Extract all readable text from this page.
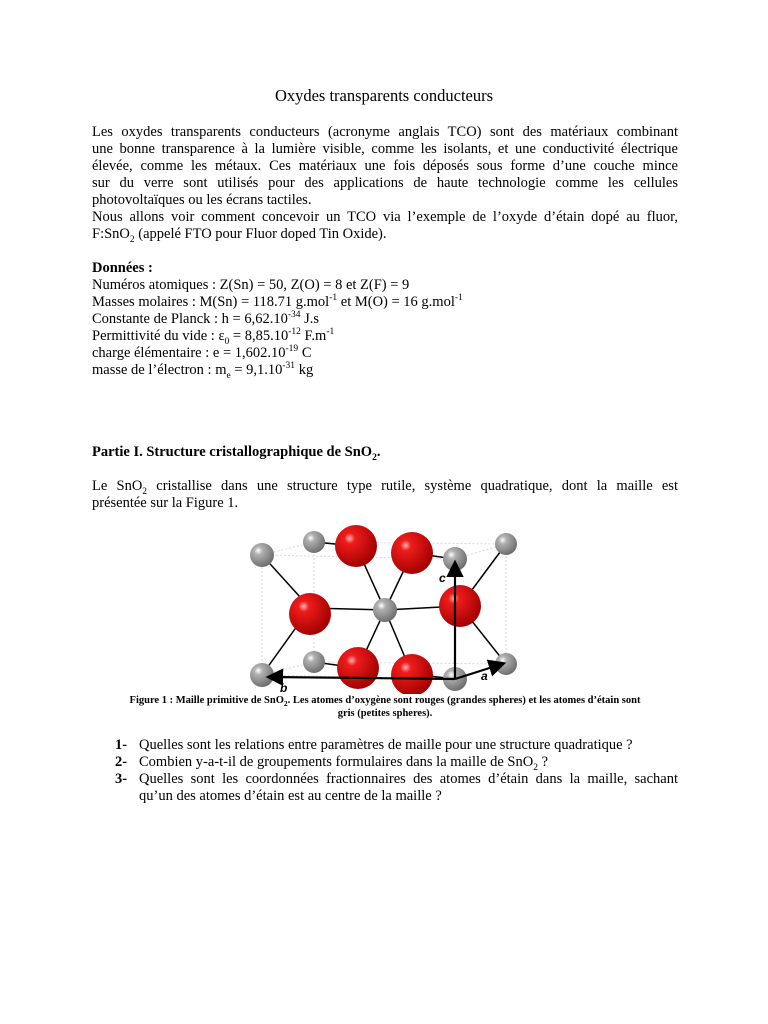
Oxydes transparents conducteurs
Les oxydes transparents conducteurs (acronyme anglais TCO) sont des matériaux combinant
une bonne transparence à la lumière visible, comme les isolants, et une conductivité électrique
élevée, comme les métaux. Ces matériaux une fois déposés sous forme d’une couche mince
sur du verre sont utilisés pour des applications de haute technologie comme les cellules
photovoltaïques ou les écrans tactiles.
Nous allons voir comment concevoir un TCO via l’exemple de l’oxyde d’étain dopé au fluor,
F:SnO$_2$ (appelé FTO pour Fluor doped Tin Oxide).
Données :
Numéros atomiques : Z(Sn) = 50, Z(O) = 8 et Z(F) = 9
Masses molaires : M(Sn) = 118.71 g.mol$^{-1}$ et M(O) = 16 g.mol$^{-1}$
Constante de Planck : $h = 6,62.10^{-34}$ J.s
Permittivité du vide : $\varepsilon_0 = 8,85.10^{-12}$ $F.m^{-1}$
charge élémentaire : $e = 1,602.10^{-19}$ C
masse de l’électron : $m_e = 9,1.10^{-31}$ kg
Partie I. Structure cristallographique de SnO$_2$.
Le SnO$_2$ cristallise dans une structure type rutile, système quadratique, dont la maille est
présentée sur la Figure 1.
c
b
a
Figure 1 : Maille primitive de SnO$_2$. Les atomes d’oxygène sont rouges (grandes spheres) et les atomes d’étain sont
gris (petites spheres).
1- Quelles sont les relations entre paramètres de maille pour une structure quadratique ?
2- Combien y-a-t-il de groupements formulaires dans la maille de SnO$_2$ ?
3- Quelles sont les coordonnées fractionnaires des atomes d’étain dans la maille, sachant
qu’un des atomes d’étain est au centre de la maille ?
